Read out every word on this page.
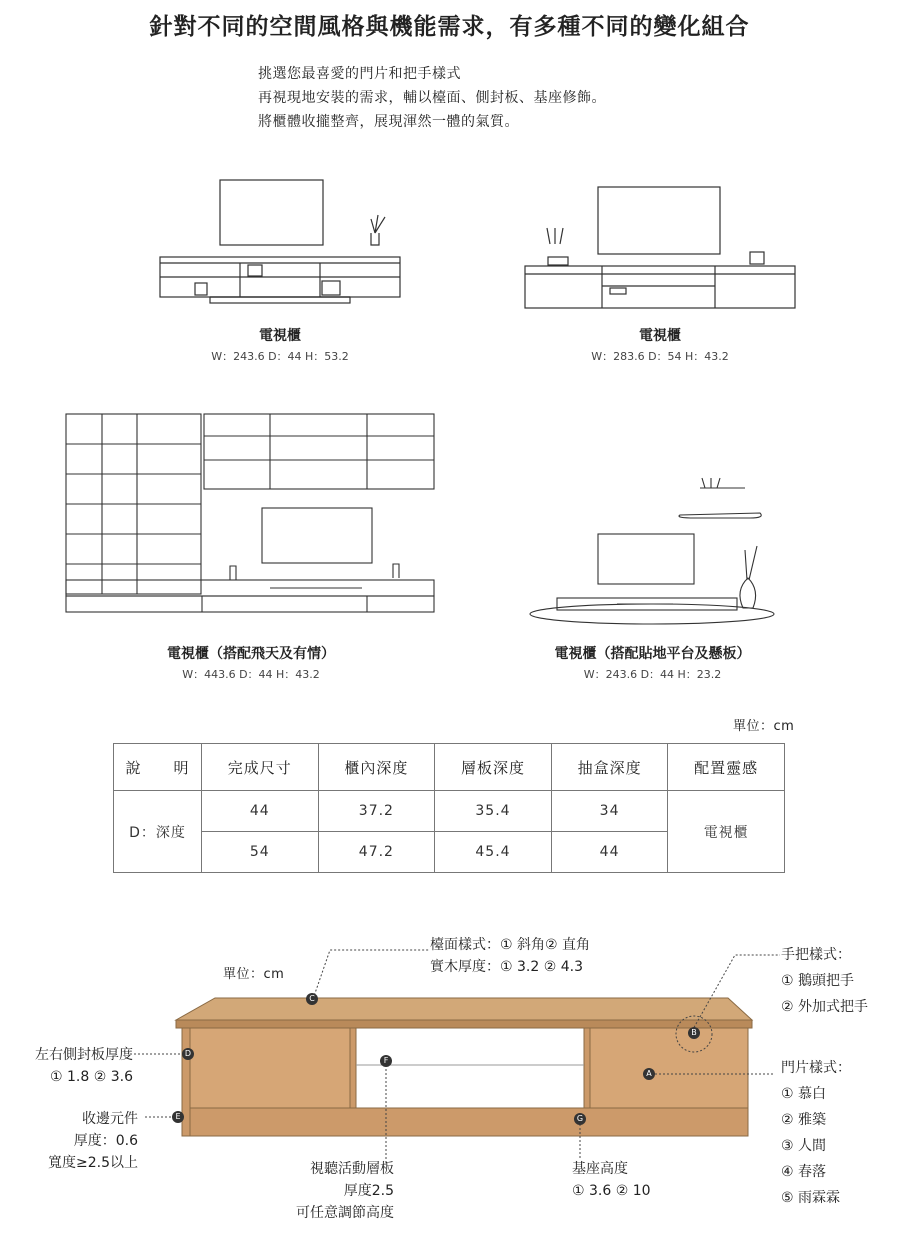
針對不同的空間風格與機能需求，有多種不同的變化組合
挑選您最喜愛的門片和把手樣式
再視現地安裝的需求，輔以檯面、側封板、基座修飾。
將櫃體收攏整齊，展現渾然一體的氣質。
電視櫃
W：243.6 D：44 H：53.2
電視櫃
W：283.6 D：54 H：43.2
電視櫃（搭配飛天及有情）
W：443.6 D：44 H：43.2
電視櫃（搭配貼地平台及懸板）
W：243.6 D：44 H：23.2
單位：cm
說　　明	完成尺寸	櫃內深度	層板深度	抽盒深度	配置靈感
D：深度	44	37.2	35.4	34	電視櫃
	54	47.2	45.4	44	
C
B
D
F
A
E	G
單位：cm
檯面樣式：① 斜角② 直角
實木厚度：① 3.2 ② 4.3
手把樣式：
① 鵝頭把手
② 外加式把手
門片樣式：
① 慕白
② 雅築
③ 人間
④ 春落
⑤ 雨霖霖
左右側封板厚度
① 1.8 ② 3.6
收邊元件
厚度：0.6
寬度≥2.5以上	視聽活動層板
厚度2.5
可任意調節高度
基座高度
① 3.6 ② 10
